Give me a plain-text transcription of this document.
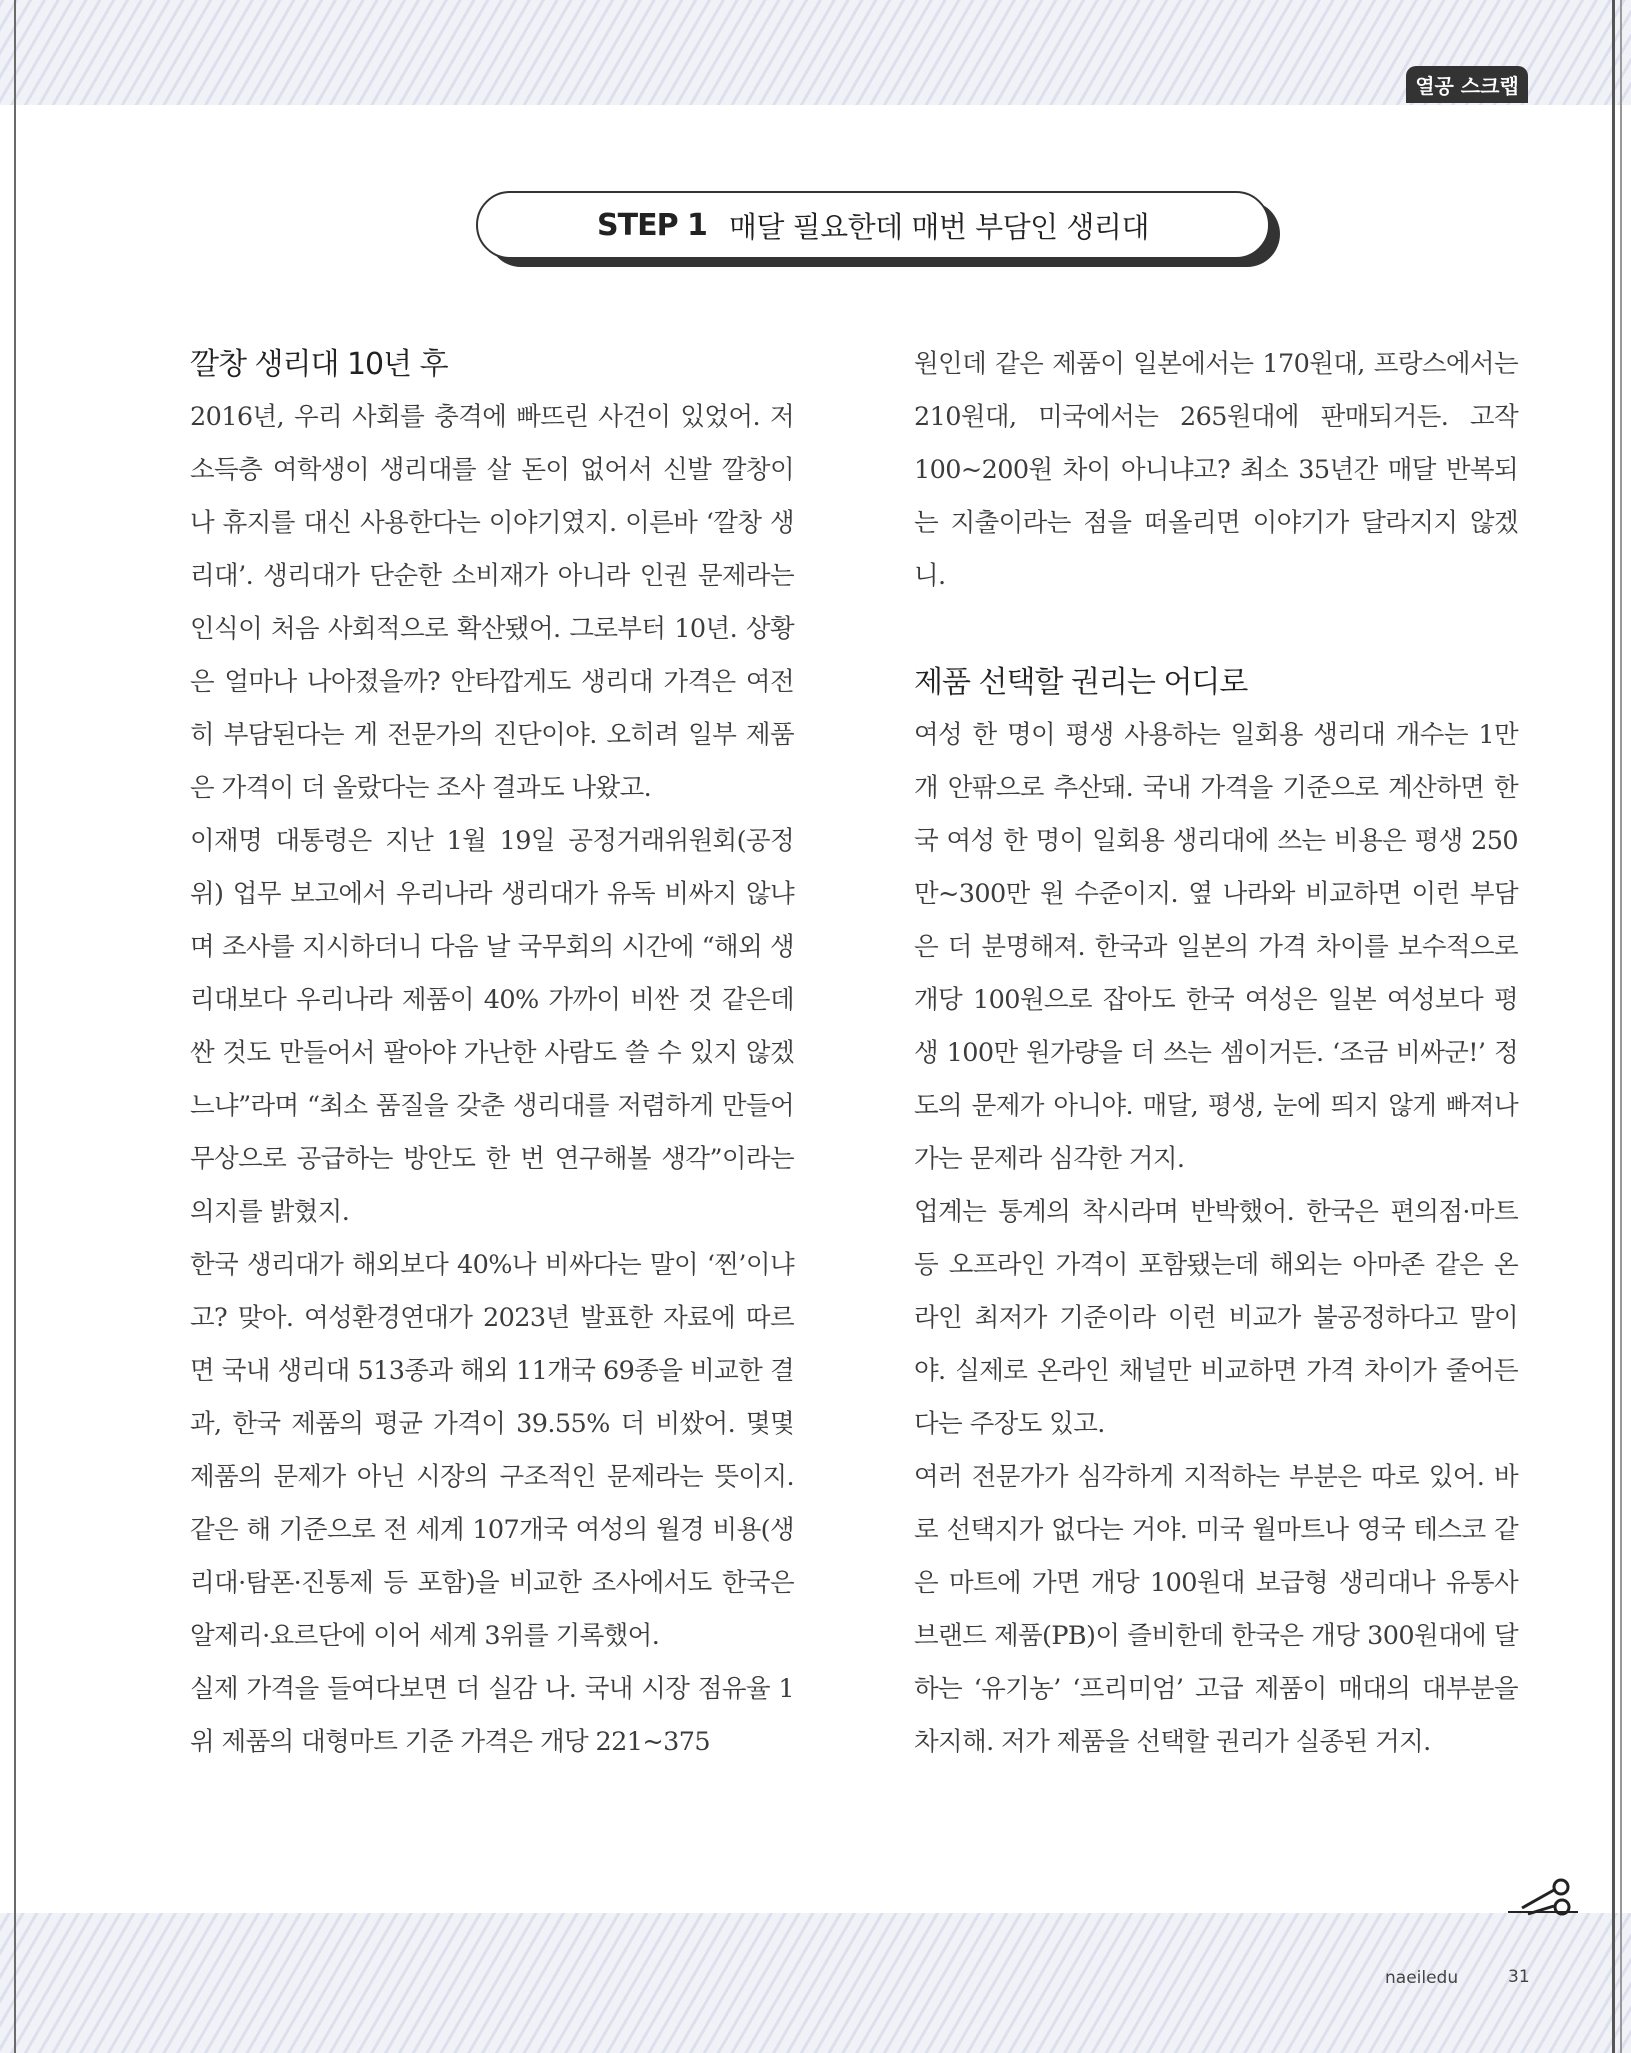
열공 스크랩
STEP 1 매달 필요한데 매번 부담인 생리대
깔창 생리대 10년 후

2016년, 우리 사회를 충격에 빠뜨린 사건이 있었어. 저소득층 여학생이 생리대를 살 돈이 없어서 신발 깔창이나 휴지를 대신 사용한다는 이야기였지. 이른바 ‘깔창 생리대’. 생리대가 단순한 소비재가 아니라 인권 문제라는 인식이 처음 사회적으로 확산됐어. 그로부터 10년. 상황은 얼마나 나아졌을까? 안타깝게도 생리대 가격은 여전히 부담된다는 게 전문가의 진단이야. 오히려 일부 제품은 가격이 더 올랐다는 조사 결과도 나왔고.

이재명 대통령은 지난 1월 19일 공정거래위원회(공정위) 업무 보고에서 우리나라 생리대가 유독 비싸지 않냐며 조사를 지시하더니 다음 날 국무회의 시간에 “해외 생리대보다 우리나라 제품이 40% 가까이 비싼 것 같은데 싼 것도 만들어서 팔아야 가난한 사람도 쓸 수 있지 않겠느냐”라며 “최소 품질을 갖춘 생리대를 저렴하게 만들어 무상으로 공급하는 방안도 한 번 연구해볼 생각”이라는 의지를 밝혔지.

한국 생리대가 해외보다 40%나 비싸다는 말이 ‘찐’이냐고? 맞아. 여성환경연대가 2023년 발표한 자료에 따르면 국내 생리대 513종과 해외 11개국 69종을 비교한 결과, 한국 제품의 평균 가격이 39.55% 더 비쌌어. 몇몇 제품의 문제가 아닌 시장의 구조적인 문제라는 뜻이지. 같은 해 기준으로 전 세계 107개국 여성의 월경 비용(생리대·탐폰·진통제 등 포함)을 비교한 조사에서도 한국은 알제리·요르단에 이어 세계 3위를 기록했어.

실제 가격을 들여다보면 더 실감 나. 국내 시장 점유율 1위 제품의 대형마트 기준 가격은 개당 221~375

원인데 같은 제품이 일본에서는 170원대, 프랑스에서는 210원대, 미국에서는 265원대에 판매되거든. 고작 100~200원 차이 아니냐고? 최소 35년간 매달 반복되는 지출이라는 점을 떠올리면 이야기가 달라지지 않겠니.

제품 선택할 권리는 어디로

여성 한 명이 평생 사용하는 일회용 생리대 개수는 1만 개 안팎으로 추산돼. 국내 가격을 기준으로 계산하면 한국 여성 한 명이 일회용 생리대에 쓰는 비용은 평생 250만~300만 원 수준이지. 옆 나라와 비교하면 이런 부담은 더 분명해져. 한국과 일본의 가격 차이를 보수적으로 개당 100원으로 잡아도 한국 여성은 일본 여성보다 평생 100만 원가량을 더 쓰는 셈이거든. ‘조금 비싸군!’ 정도의 문제가 아니야. 매달, 평생, 눈에 띄지 않게 빠져나가는 문제라 심각한 거지.

업계는 통계의 착시라며 반박했어. 한국은 편의점·마트 등 오프라인 가격이 포함됐는데 해외는 아마존 같은 온라인 최저가 기준이라 이런 비교가 불공정하다고 말이야. 실제로 온라인 채널만 비교하면 가격 차이가 줄어든다는 주장도 있고.

여러 전문가가 심각하게 지적하는 부분은 따로 있어. 바로 선택지가 없다는 거야. 미국 월마트나 영국 테스코 같은 마트에 가면 개당 100원대 보급형 생리대나 유통사 브랜드 제품(PB)이 즐비한데 한국은 개당 300원대에 달하는 ‘유기농’ ‘프리미엄’ 고급 제품이 매대의 대부분을 차지해. 저가 제품을 선택할 권리가 실종된 거지.

naeiledu	31
